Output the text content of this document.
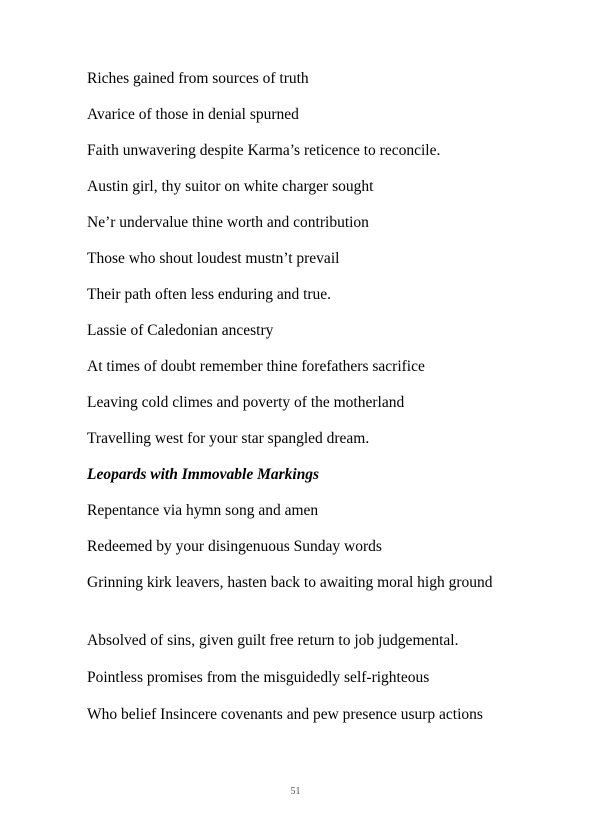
Riches gained from sources of truth
Avarice of those in denial spurned
Faith unwavering despite Karma’s reticence to reconcile.
Austin girl, thy suitor on white charger sought
Ne’r undervalue thine worth and contribution
Those who shout loudest mustn’t prevail
Their path often less enduring and true.
Lassie of Caledonian ancestry
At times of doubt remember thine forefathers sacrifice
Leaving cold climes and poverty of the motherland
Travelling west for your star spangled dream.
Leopards with Immovable Markings
Repentance via hymn song and amen
Redeemed by your disingenuous Sunday words
Grinning kirk leavers, hasten back to awaiting moral high ground
Absolved of sins, given guilt free return to job judgemental.
Pointless promises from the misguidedly self-righteous
Who belief Insincere covenants and pew presence usurp actions
51
